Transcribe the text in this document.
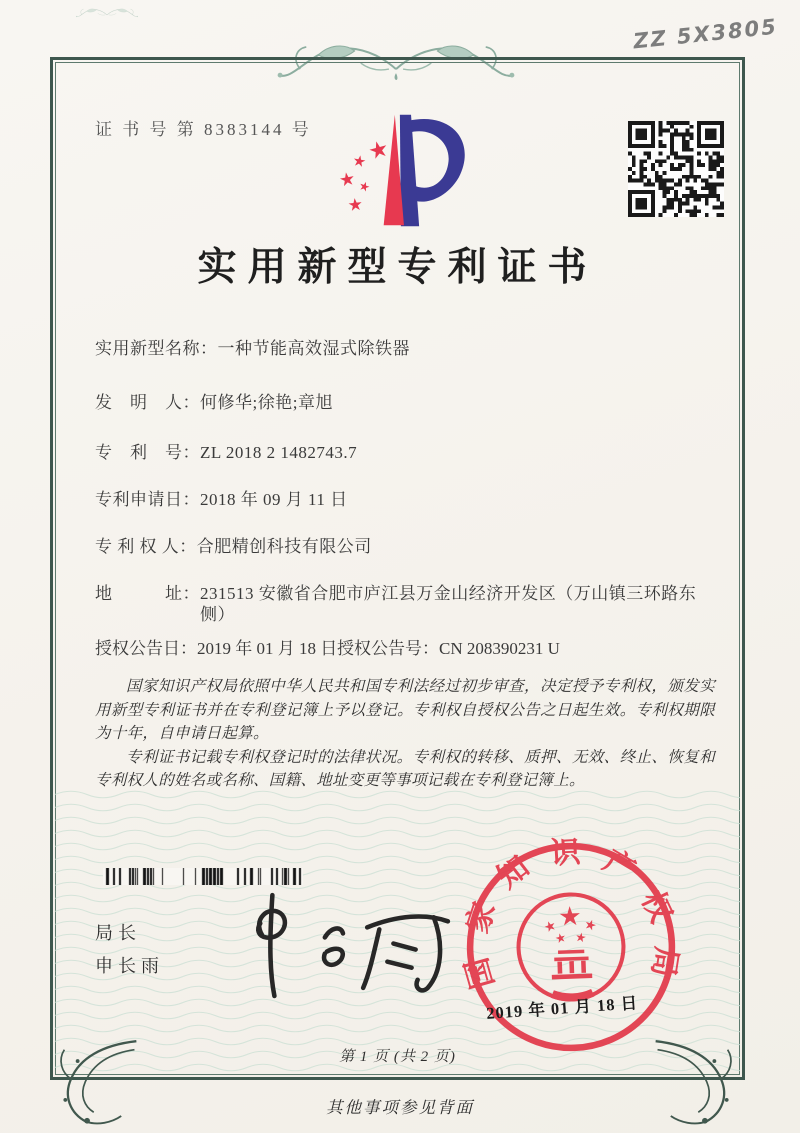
ZZ 5X3805
证 书 号 第 8383144 号
实用新型专利证书
实用新型名称：一种节能高效湿式除铁器
发　明　人：何修华;徐艳;章旭
专　利　号：ZL 2018 2 1482743.7
专利申请日：2018 年 09 月 11 日
专 利 权 人：合肥精创科技有限公司
地　　　址：231513 安徽省合肥市庐江县万金山经济开发区（万山镇三环路东侧）
授权公告日：2019 年 01 月 18 日 授权公告号：CN 208390231 U

国家知识产权局依照中华人民共和国专利法经过初步审查，决定授予专利权，颁发实用新型专利证书并在专利登记簿上予以登记。专利权自授权公告之日起生效。专利权期限为十年，自申请日起算。

专利证书记载专利权登记时的法律状况。专利权的转移、质押、无效、终止、恢复和专利权人的姓名或名称、国籍、地址变更等事项记载在专利登记簿上。

局长
申长雨	国家知识产权局
2019 年 01 月 18 日
第 1 页 (共 2 页)
其他事项参见背面
